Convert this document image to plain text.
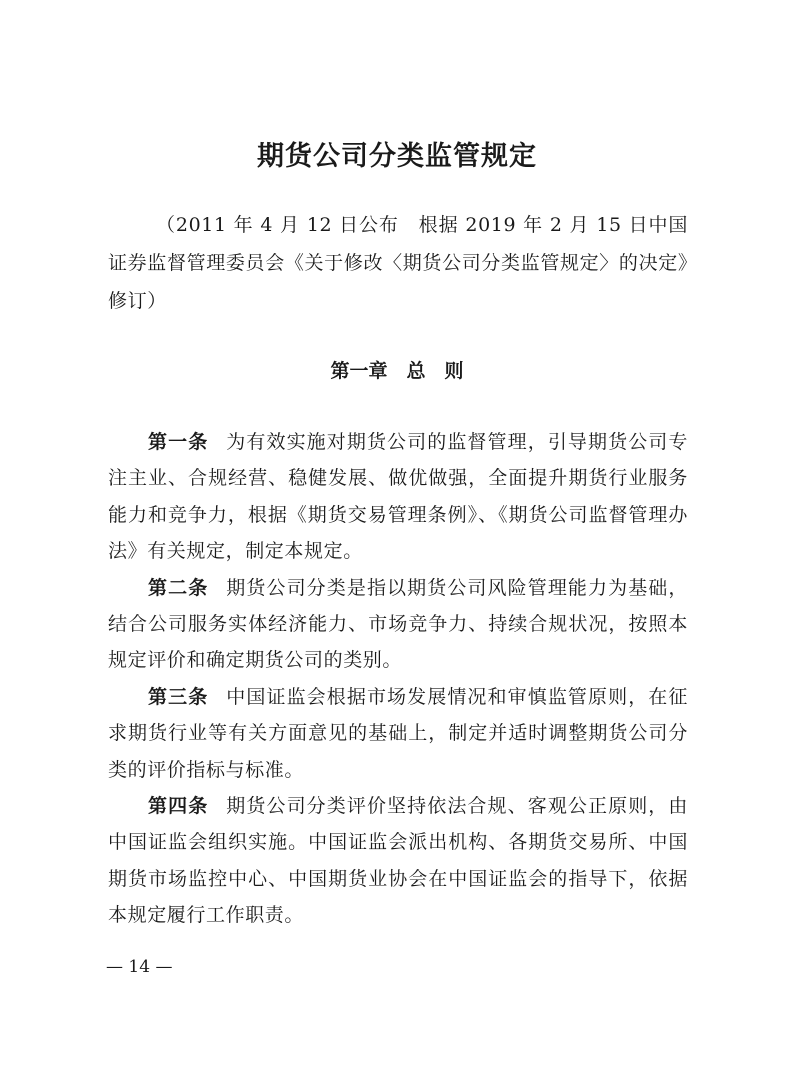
期货公司分类监管规定

（2011 年 4 月 12 日公布　根据 2019 年 2 月 15 日中国证券监督管理委员会《关于修改〈期货公司分类监管规定〉的决定》修订）

第一章　总　则

第一条 为有效实施对期货公司的监督管理，引导期货公司专注主业、合规经营、稳健发展、做优做强，全面提升期货行业服务能力和竞争力，根据《期货交易管理条例》、《期货公司监督管理办法》有关规定，制定本规定。

第二条 期货公司分类是指以期货公司风险管理能力为基础，结合公司服务实体经济能力、市场竞争力、持续合规状况，按照本规定评价和确定期货公司的类别。

第三条 中国证监会根据市场发展情况和审慎监管原则，在征求期货行业等有关方面意见的基础上，制定并适时调整期货公司分类的评价指标与标准。

第四条 期货公司分类评价坚持依法合规、客观公正原则，由中国证监会组织实施。中国证监会派出机构、各期货交易所、中国期货市场监控中心、中国期货业协会在中国证监会的指导下，依据本规定履行工作职责。

— 14 —
